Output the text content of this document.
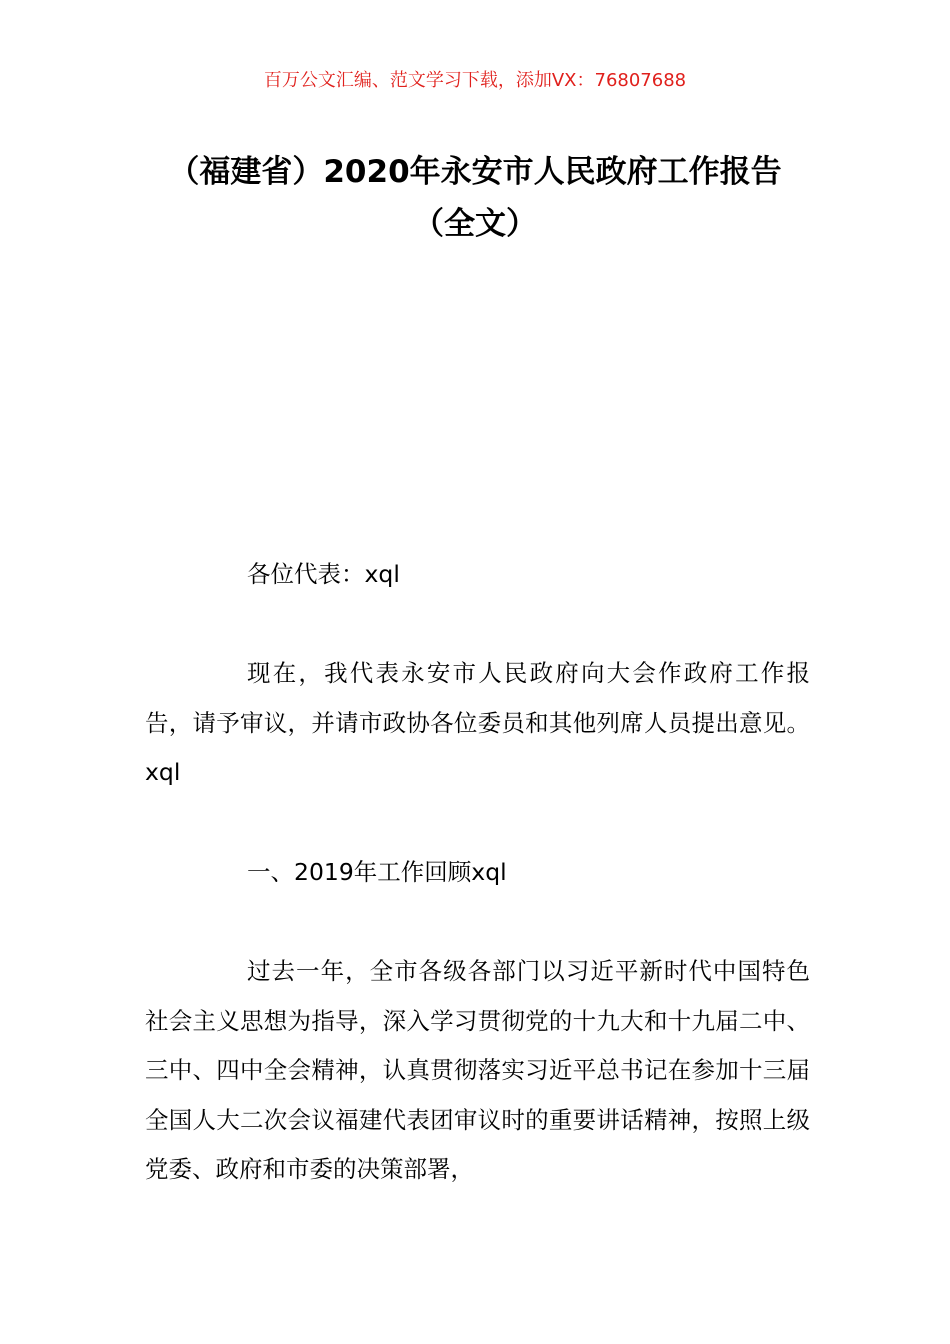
百万公文汇编、范文学习下载，添加VX：76807688
（福建省）2020年永安市人民政府工作报告（全文）
各位代表：xql
现在，我代表永安市人民政府向大会作政府工作报告，请予审议，并请市政协各位委员和其他列席人员提出意见。xql
一、2019年工作回顾xql
过去一年，全市各级各部门以习近平新时代中国特色社会主义思想为指导，深入学习贯彻党的十九大和十九届二中、三中、四中全会精神，认真贯彻落实习近平总书记在参加十三届全国人大二次会议福建代表团审议时的重要讲话精神，按照上级党委、政府和市委的决策部署，
